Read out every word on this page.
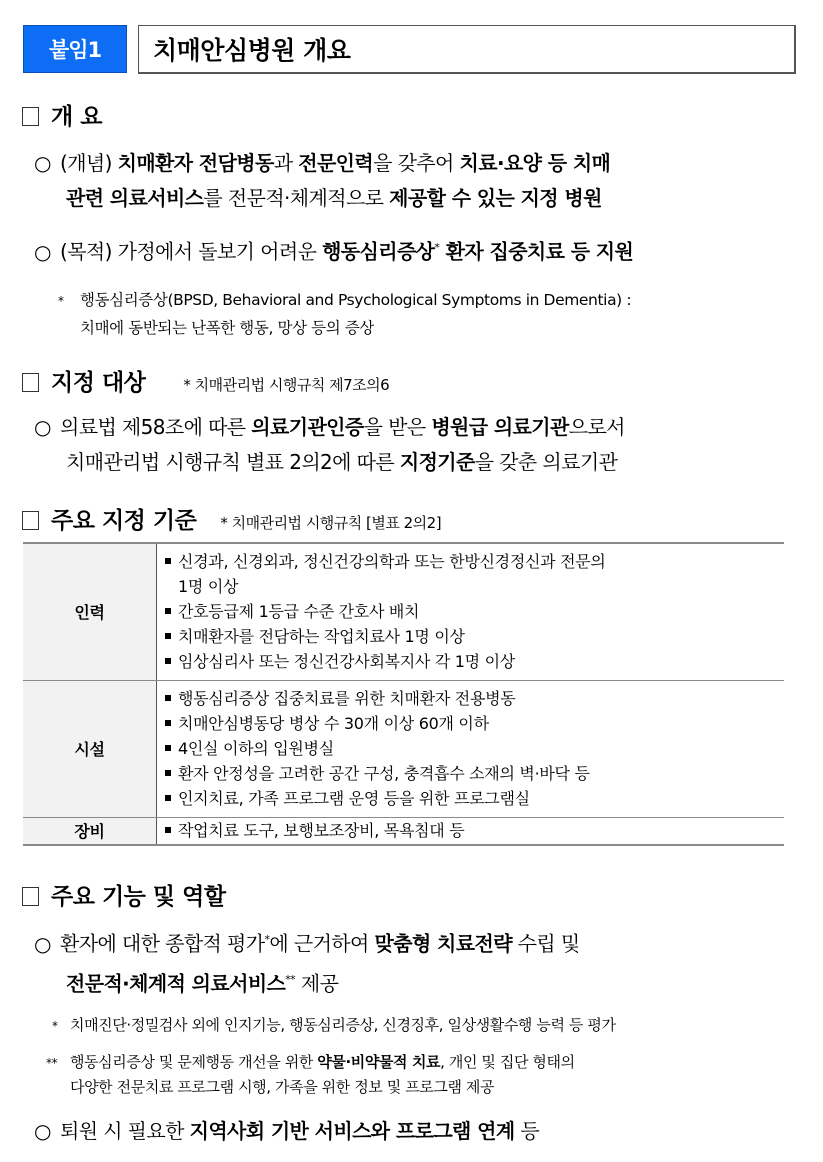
붙임1	치매안심병원 개요
개 요
○ (개념) 치매환자 전담병동과 전문인력을 갖추어 치료·요양 등 치매
관련 의료서비스를 전문적·체계적으로 제공할 수 있는 지정 병원
○ (목적) 가정에서 돌보기 어려운 행동심리증상* 환자 집중치료 등 지원
* 행동심리증상(BPSD, Behavioral and Psychological Symptoms in Dementia) :
치매에 동반되는 난폭한 행동, 망상 등의 증상
지정 대상	* 치매관리법 시행규칙 제7조의6
○ 의료법 제58조에 따른 의료기관인증을 받은 병원급 의료기관으로서
치매관리법 시행규칙 별표 2의2에 따른 지정기준을 갖춘 의료기관
주요 지정 기준 * 치매관리법 시행규칙 [별표 2의2]
인력	신경과, 신경외과, 정신건강의학과 또는 한방신경정신과 전문의
1명 이상
간호등급제 1등급 수준 간호사 배치
치매환자를 전담하는 작업치료사 1명 이상
임상심리사 또는 정신건강사회복지사 각 1명 이상

시설	행동심리증상 집중치료를 위한 치매환자 전용병동
치매안심병동당 병상 수 30개 이상 60개 이하
4인실 이하의 입원병실
환자 안정성을 고려한 공간 구성, 충격흡수 소재의 벽·바닥 등
인지치료, 가족 프로그램 운영 등을 위한 프로그램실

장비	작업치료 도구, 보행보조장비, 목욕침대 등
주요 기능 및 역할
○ 환자에 대한 종합적 평가*에 근거하여 맞춤형 치료전략 수립 및
전문적·체계적 의료서비스** 제공
* 치매진단·정밀검사 외에 인지기능, 행동심리증상, 신경징후, 일상생활수행 능력 등 평가
** 행동심리증상 및 문제행동 개선을 위한 약물·비약물적 치료, 개인 및 집단 형태의
다양한 전문치료 프로그램 시행, 가족을 위한 정보 및 프로그램 제공
○ 퇴원 시 필요한 지역사회 기반 서비스와 프로그램 연계 등
